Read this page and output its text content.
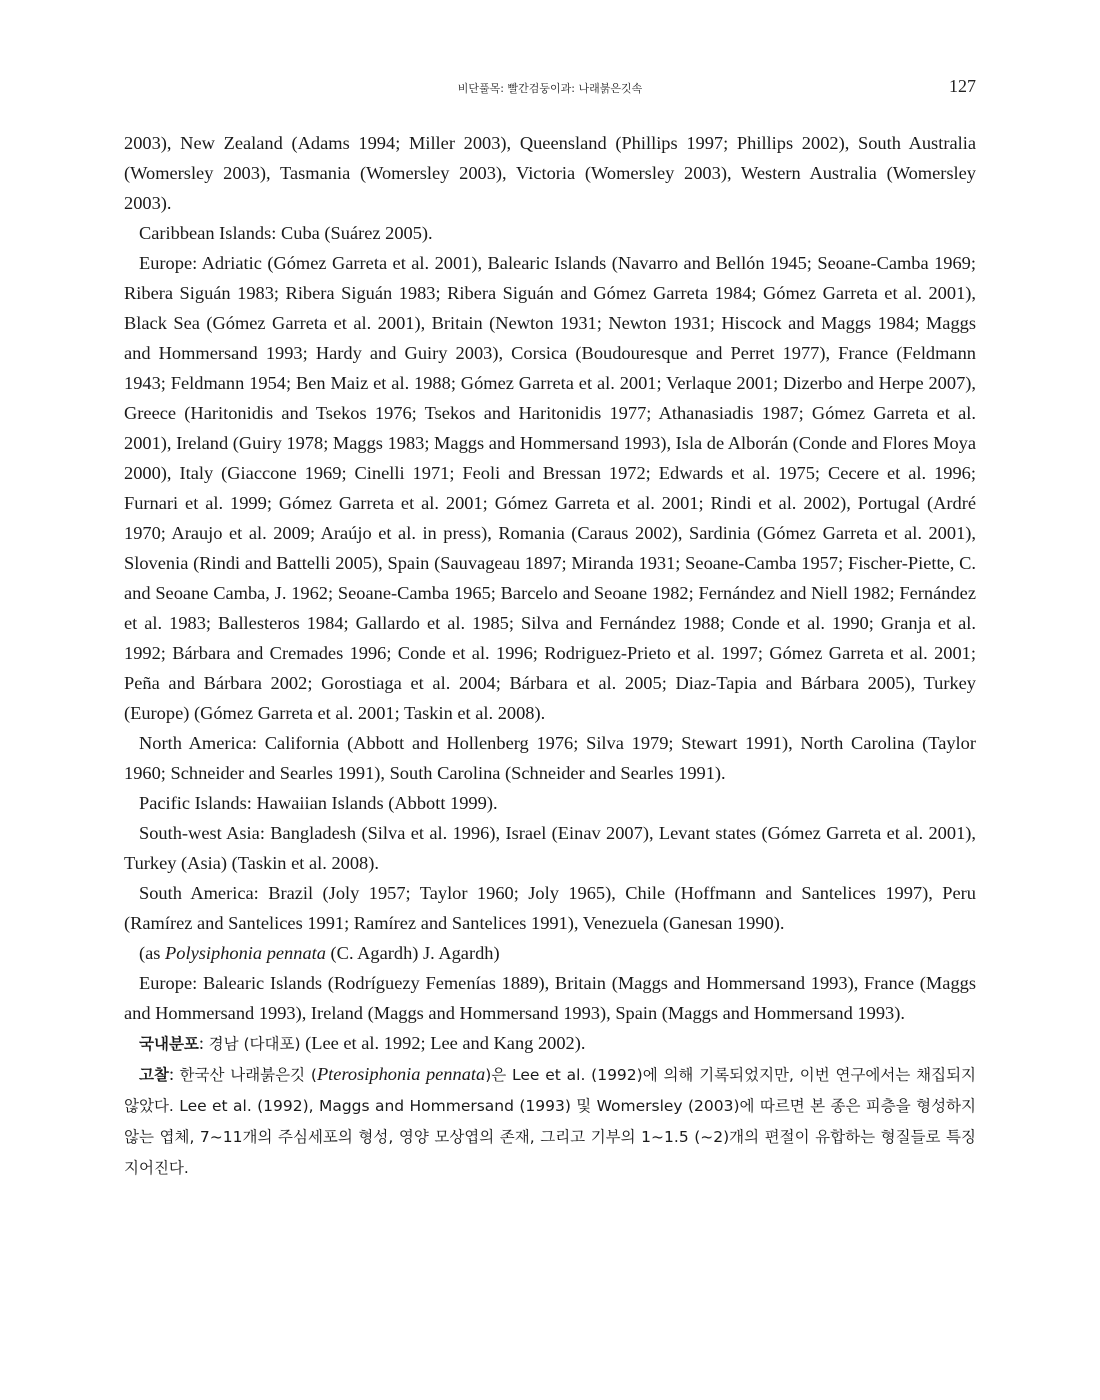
비단풀목: 빨간검둥이과: 나래붉은깃속	127

2003), New Zealand (Adams 1994; Miller 2003), Queensland (Phillips 1997; Phillips 2002), South Australia (Womersley 2003), Tasmania (Womersley 2003), Victoria (Womersley 2003), Western Australia (Womersley 2003).

Caribbean Islands: Cuba (Suárez 2005).

Europe: Adriatic (Gómez Garreta et al. 2001), Balearic Islands (Navarro and Bellón 1945; Seoane-Camba 1969; Ribera Siguán 1983; Ribera Siguán 1983; Ribera Siguán and Gómez Garreta 1984; Gómez Garreta et al. 2001), Black Sea (Gómez Garreta et al. 2001), Britain (Newton 1931; Newton 1931; Hiscock and Maggs 1984; Maggs and Hommersand 1993; Hardy and Guiry 2003), Corsica (Boudouresque and Perret 1977), France (Feldmann 1943; Feldmann 1954; Ben Maiz et al. 1988; Gómez Garreta et al. 2001; Verlaque 2001; Dizerbo and Herpe 2007), Greece (Haritonidis and Tsekos 1976; Tsekos and Haritonidis 1977; Athanasiadis 1987; Gómez Garreta et al. 2001), Ireland (Guiry 1978; Maggs 1983; Maggs and Hommersand 1993), Isla de Alborán (Conde and Flores Moya 2000), Italy (Giaccone 1969; Cinelli 1971; Feoli and Bressan 1972; Edwards et al. 1975; Cecere et al. 1996; Furnari et al. 1999; Gómez Garreta et al. 2001; Gómez Garreta et al. 2001; Rindi et al. 2002), Portugal (Ardré 1970; Araujo et al. 2009; Araújo et al. in press), Romania (Caraus 2002), Sardinia (Gómez Garreta et al. 2001), Slovenia (Rindi and Battelli 2005), Spain (Sauvageau 1897; Miranda 1931; Seoane-Camba 1957; Fischer-Piette, C. and Seoane Camba, J. 1962; Seoane-Camba 1965; Barcelo and Seoane 1982; Fernández and Niell 1982; Fernández et al. 1983; Ballesteros 1984; Gallardo et al. 1985; Silva and Fernández 1988; Conde et al. 1990; Granja et al. 1992; Bárbara and Cremades 1996; Conde et al. 1996; Rodriguez-Prieto et al. 1997; Gómez Garreta et al. 2001; Peña and Bárbara 2002; Gorostiaga et al. 2004; Bárbara et al. 2005; Diaz-Tapia and Bárbara 2005), Turkey (Europe) (Gómez Garreta et al. 2001; Taskin et al. 2008).

North America: California (Abbott and Hollenberg 1976; Silva 1979; Stewart 1991), North Carolina (Taylor 1960; Schneider and Searles 1991), South Carolina (Schneider and Searles 1991).

Pacific Islands: Hawaiian Islands (Abbott 1999).

South-west Asia: Bangladesh (Silva et al. 1996), Israel (Einav 2007), Levant states (Gómez Garreta et al. 2001), Turkey (Asia) (Taskin et al. 2008).

South America: Brazil (Joly 1957; Taylor 1960; Joly 1965), Chile (Hoffmann and Santelices 1997), Peru (Ramírez and Santelices 1991; Ramírez and Santelices 1991), Venezuela (Ganesan 1990).

(as Polysiphonia pennata (C. Agardh) J. Agardh)

Europe: Balearic Islands (Rodríguezy Femenías 1889), Britain (Maggs and Hommersand 1993), France (Maggs and Hommersand 1993), Ireland (Maggs and Hommersand 1993), Spain (Maggs and Hommersand 1993).

국내분포: 경남 (다대포) (Lee et al. 1992; Lee and Kang 2002).

고찰: 한국산 나래붉은깃 (Pterosiphonia pennata)은 Lee et al. (1992)에 의해 기록되었지만, 이번 연구에서는 채집되지 않았다. Lee et al. (1992), Maggs and Hommersand (1993) 및 Womersley (2003)에 따르면 본 종은 피층을 형성하지 않는 엽체, 7~11개의 주심세포의 형성, 영양 모상엽의 존재, 그리고 기부의 1~1.5 (~2)개의 편절이 유합하는 형질들로 특징지어진다.
